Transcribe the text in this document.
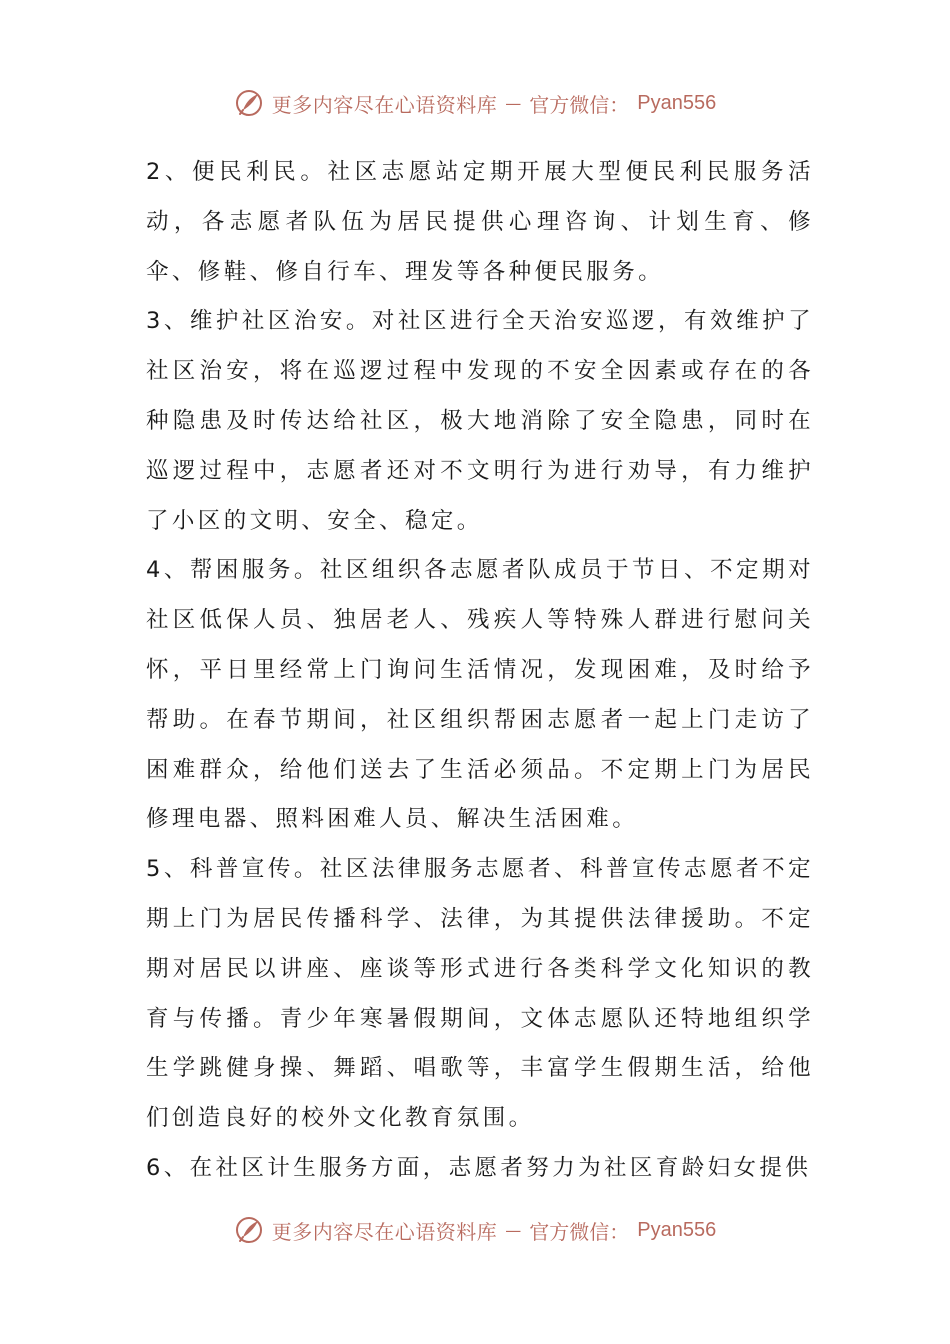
更多内容尽在心语资料库 — 官方微信： Pyan556

2、便民利民。社区志愿站定期开展大型便民利民服务活动，各志愿者队伍为居民提供心理咨询、计划生育、修伞、修鞋、修自行车、理发等各种便民服务。

3、维护社区治安。对社区进行全天治安巡逻，有效维护了社区治安，将在巡逻过程中发现的不安全因素或存在的各种隐患及时传达给社区，极大地消除了安全隐患，同时在巡逻过程中，志愿者还对不文明行为进行劝导，有力维护了小区的文明、安全、稳定。

4、帮困服务。社区组织各志愿者队成员于节日、不定期对社区低保人员、独居老人、残疾人等特殊人群进行慰问关怀，平日里经常上门询问生活情况，发现困难，及时给予帮助。在春节期间，社区组织帮困志愿者一起上门走访了困难群众，给他们送去了生活必须品。不定期上门为居民修理电器、照料困难人员、解决生活困难。

5、科普宣传。社区法律服务志愿者、科普宣传志愿者不定期上门为居民传播科学、法律，为其提供法律援助。不定期对居民以讲座、座谈等形式进行各类科学文化知识的教育与传播。青少年寒暑假期间，文体志愿队还特地组织学生学跳健身操、舞蹈、唱歌等，丰富学生假期生活，给他们创造良好的校外文化教育氛围。

6、在社区计生服务方面，志愿者努力为社区育龄妇女提供

更多内容尽在心语资料库 — 官方微信： Pyan556
